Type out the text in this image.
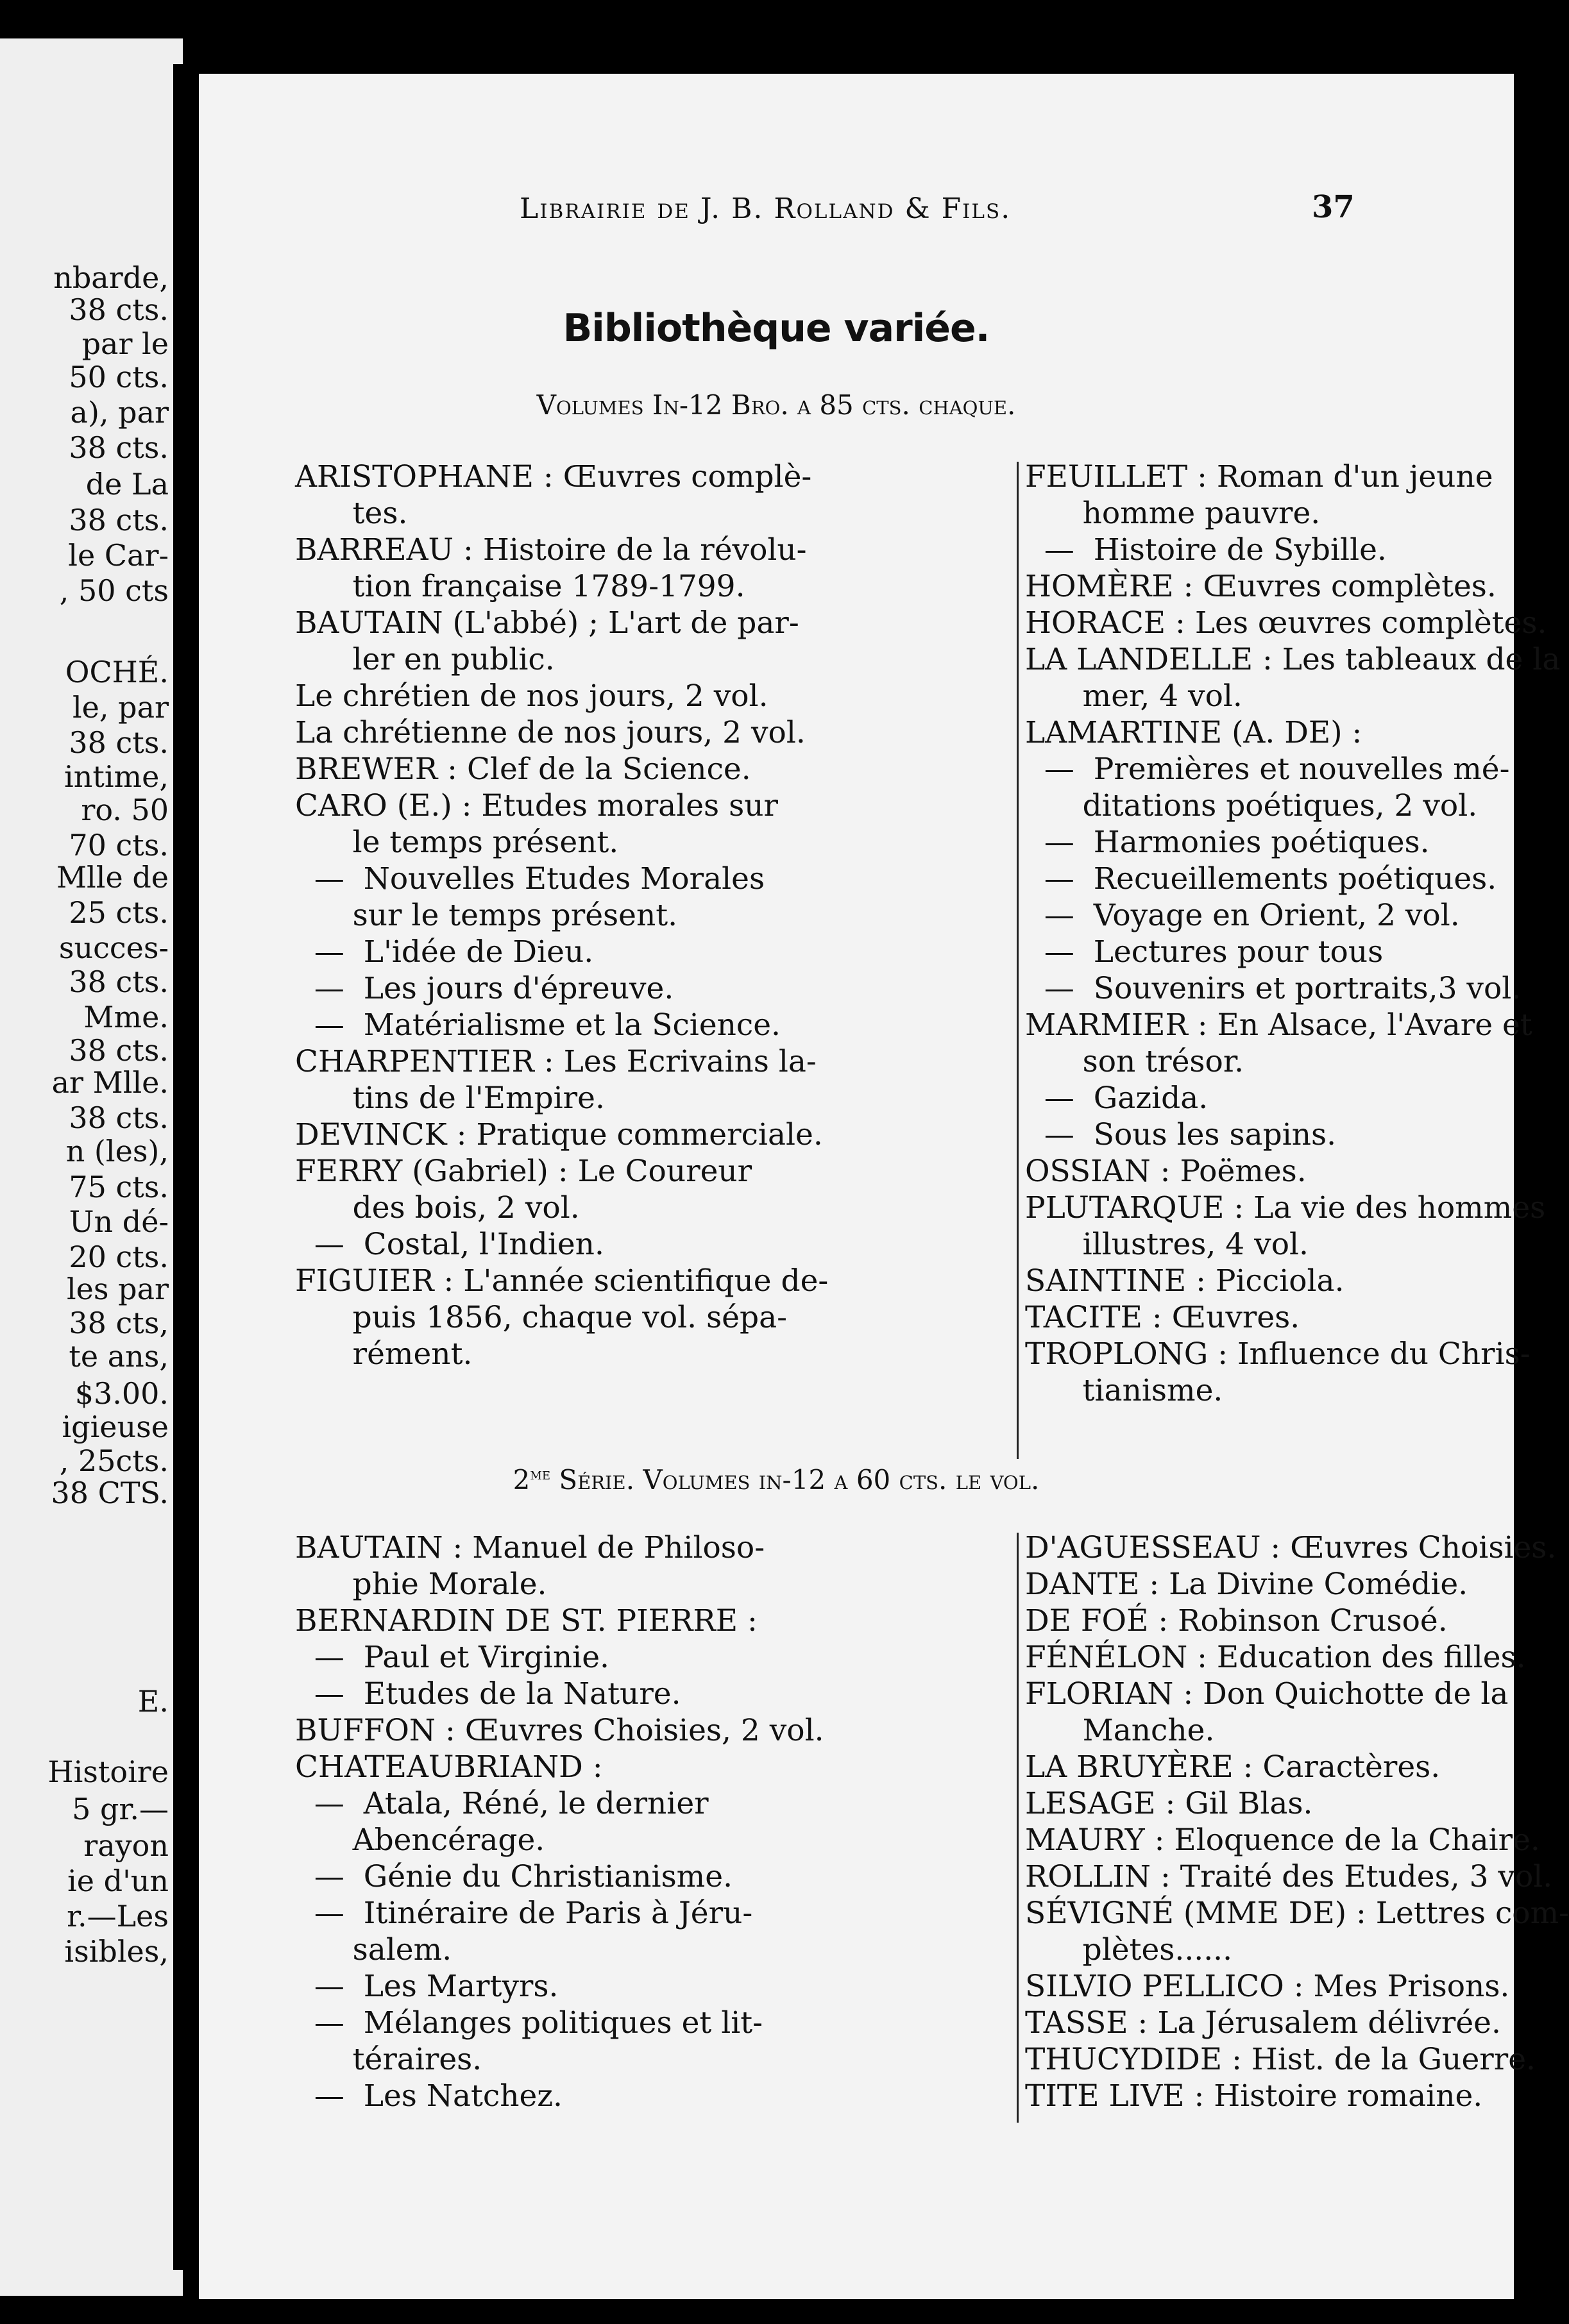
nbarde,
38 cts.
par le
50 cts.
a), par
38 cts.
de La
38 cts.
le Car-
, 50 cts
OCHÉ.
le, par
38 cts.
intime,
ro. 50
70 cts.
Mlle de
25 cts.
succes-
38 cts.
Mme.
38 cts.
ar Mlle.
38 cts.
n (les),
75 cts.
Un dé-
20 cts.
les par
38 cts,
te ans,
$3.00.
igieuse
, 25cts.
38 CTS.
E.
Histoire
5 gr.—
rayon
ie d'un
r.—Les
isibles,
Librairie de J. B. Rolland & Fils.	37
Bibliothèque variée.
Volumes In-12 Bro. a 85 cts. chaque.
ARISTOPHANE : Œuvres complè-
tes.
BARREAU : Histoire de la révolu-
tion française 1789-1799.
BAUTAIN (L'abbé) ; L'art de par-
ler en public.
Le chrétien de nos jours, 2 vol.
La chrétienne de nos jours, 2 vol.
BREWER : Clef de la Science.
CARO (E.) : Etudes morales sur
le temps présent.
—  Nouvelles Etudes Morales
sur le temps présent.
—  L'idée de Dieu.
—  Les jours d'épreuve.
—  Matérialisme et la Science.
CHARPENTIER : Les Ecrivains la-
tins de l'Empire.
DEVINCK : Pratique commerciale.
FERRY (Gabriel) : Le Coureur
des bois, 2 vol.
—  Costal, l'Indien.
FIGUIER : L'année scientifique de-
puis 1856, chaque vol. sépa-
rément.
FEUILLET : Roman d'un jeune
homme pauvre.
—  Histoire de Sybille.
HOMÈRE : Œuvres complètes.
HORACE : Les œuvres complètes.
LA LANDELLE : Les tableaux de la
mer, 4 vol.
LAMARTINE (A. DE) :
—  Premières et nouvelles mé-
ditations poétiques, 2 vol.
—  Harmonies poétiques.
—  Recueillements poétiques.
—  Voyage en Orient, 2 vol.
—  Lectures pour tous
—  Souvenirs et portraits,3 vol.
MARMIER : En Alsace, l'Avare et
son trésor.
—  Gazida.
—  Sous les sapins.
OSSIAN : Poëmes.
PLUTARQUE : La vie des hommes
illustres, 4 vol.
SAINTINE : Picciola.
TACITE : Œuvres.
TROPLONG : Influence du Chris-
tianisme.
$2^{me}$ Série. Volumes in-12 a 60 cts. le vol.
BAUTAIN : Manuel de Philoso-
phie Morale.
BERNARDIN DE ST. PIERRE :
—  Paul et Virginie.
—  Etudes de la Nature.
BUFFON : Œuvres Choisies, 2 vol.
CHATEAUBRIAND :
—  Atala, Réné, le dernier
Abencérage.
—  Génie du Christianisme.
—  Itinéraire de Paris à Jéru-
salem.
—  Les Martyrs.
—  Mélanges politiques et lit-
téraires.
—  Les Natchez.
D'AGUESSEAU : Œuvres Choisies.
DANTE : La Divine Comédie.
DE FOÉ : Robinson Crusoé.
FÉNÉLON : Education des filles.
FLORIAN : Don Quichotte de la
Manche.
LA BRUYÈRE : Caractères.
LESAGE : Gil Blas.
MAURY : Eloquence de la Chaire.
ROLLIN : Traité des Etudes, 3 vol.
SÉVIGNÉ (MME DE) : Lettres com-
plètes......
SILVIO PELLICO : Mes Prisons.
TASSE : La Jérusalem délivrée.
THUCYDIDE : Hist. de la Guerre.
TITE LIVE : Histoire romaine.
